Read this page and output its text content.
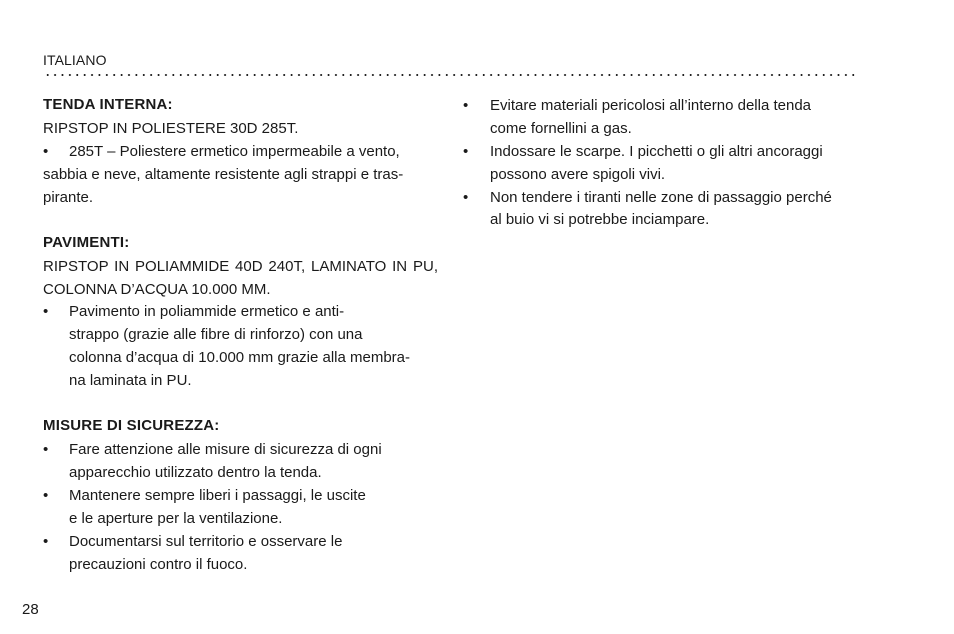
ITALIANO
TENDA INTERNA:
RIPSTOP IN POLIESTERE 30D 285T.
• 285T – Poliestere ermetico impermeabile a vento,
sabbia e neve, altamente resistente agli strappi e tras-
pirante.
PAVIMENTI:
RIPSTOP IN POLIAMMIDE 40D 240T, LAMINATO IN PU,
COLONNA D’ACQUA 10.000 MM.
• Pavimento in poliammide ermetico e anti-
strappo (grazie alle fibre di rinforzo) con una
colonna d’acqua di 10.000 mm grazie alla membra-
na laminata in PU.
MISURE DI SICUREZZA:
• Fare attenzione alle misure di sicurezza di ogni
apparecchio utilizzato dentro la tenda.
• Mantenere sempre liberi i passaggi, le uscite
e le aperture per la ventilazione.
• Documentarsi sul territorio e osservare le
precauzioni contro il fuoco.
• Evitare materiali pericolosi all’interno della tenda
come fornellini a gas.
• Indossare le scarpe. I picchetti o gli altri ancoraggi
possono avere spigoli vivi.
• Non tendere i tiranti nelle zone di passaggio perché
al buio vi si potrebbe inciampare.
28
